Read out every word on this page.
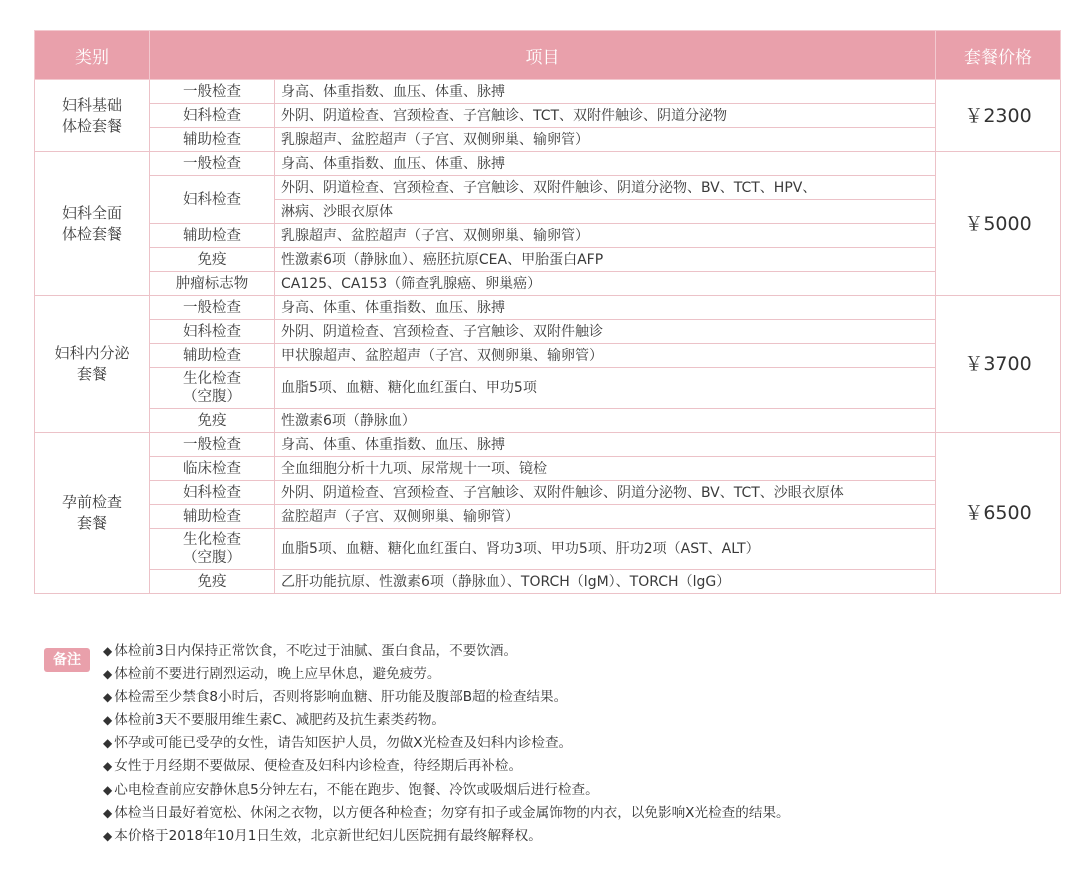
类别	项目		套餐价格

妇科基础
体检套餐	一般检查	身高、体重指数、血压、体重、脉搏	￥2300

	妇科检查	外阴、阴道检查、宫颈检查、子宫触诊、TCT、双附件触诊、阴道分泌物	

	辅助检查	乳腺超声、盆腔超声（子宫、双侧卵巢、输卵管）	

妇科全面
体检套餐	一般检查	身高、体重指数、血压、体重、脉搏	￥5000

	妇科检查	外阴、阴道检查、宫颈检查、子宫触诊、双附件触诊、阴道分泌物、BV、TCT、HPV、	
		淋病、沙眼衣原体	

	辅助检查	乳腺超声、盆腔超声（子宫、双侧卵巢、输卵管）	

	免疫	性激素6项（静脉血）、癌胚抗原CEA、甲胎蛋白AFP	

	肿瘤标志物	CA125、CA153（筛查乳腺癌、卵巢癌）	

妇科内分泌
套餐	一般检查	身高、体重、体重指数、血压、脉搏	￥3700

	妇科检查	外阴、阴道检查、宫颈检查、子宫触诊、双附件触诊	

	辅助检查	甲状腺超声、盆腔超声（子宫、双侧卵巢、输卵管）	

	生化检查
（空腹）	血脂5项、血糖、糖化血红蛋白、甲功5项	

	免疫	性激素6项（静脉血）	

孕前检查
套餐	一般检查	身高、体重、体重指数、血压、脉搏	￥6500

	临床检查	全血细胞分析十九项、尿常规十一项、镜检	

	妇科检查	外阴、阴道检查、宫颈检查、子宫触诊、双附件触诊、阴道分泌物、BV、TCT、沙眼衣原体	

	辅助检查	盆腔超声（子宫、双侧卵巢、输卵管）	

	生化检查
（空腹）	血脂5项、血糖、糖化血红蛋白、肾功3项、甲功5项、肝功2项（AST、ALT）	

	免疫	乙肝功能抗原、性激素6项（静脉血）、TORCH（lgM）、TORCH（lgG）	
备注
◆ 体检前3日内保持正常饮食，不吃过于油腻、蛋白食品，不要饮酒。
◆ 体检前不要进行剧烈运动，晚上应早休息，避免疲劳。
◆ 体检需至少禁食8小时后，否则将影响血糖、肝功能及腹部B超的检查结果。
◆ 体检前3天不要服用维生素C、减肥药及抗生素类药物。
◆ 怀孕或可能已受孕的女性，请告知医护人员，勿做X光检查及妇科内诊检查。
◆ 女性于月经期不要做尿、便检查及妇科内诊检查，待经期后再补检。
◆ 心电检查前应安静休息5分钟左右，不能在跑步、饱餐、冷饮或吸烟后进行检查。
◆ 体检当日最好着宽松、休闲之衣物，以方便各种检查；勿穿有扣子或金属饰物的内衣，以免影响X光检查的结果。
◆ 本价格于2018年10月1日生效，北京新世纪妇儿医院拥有最终解释权。
